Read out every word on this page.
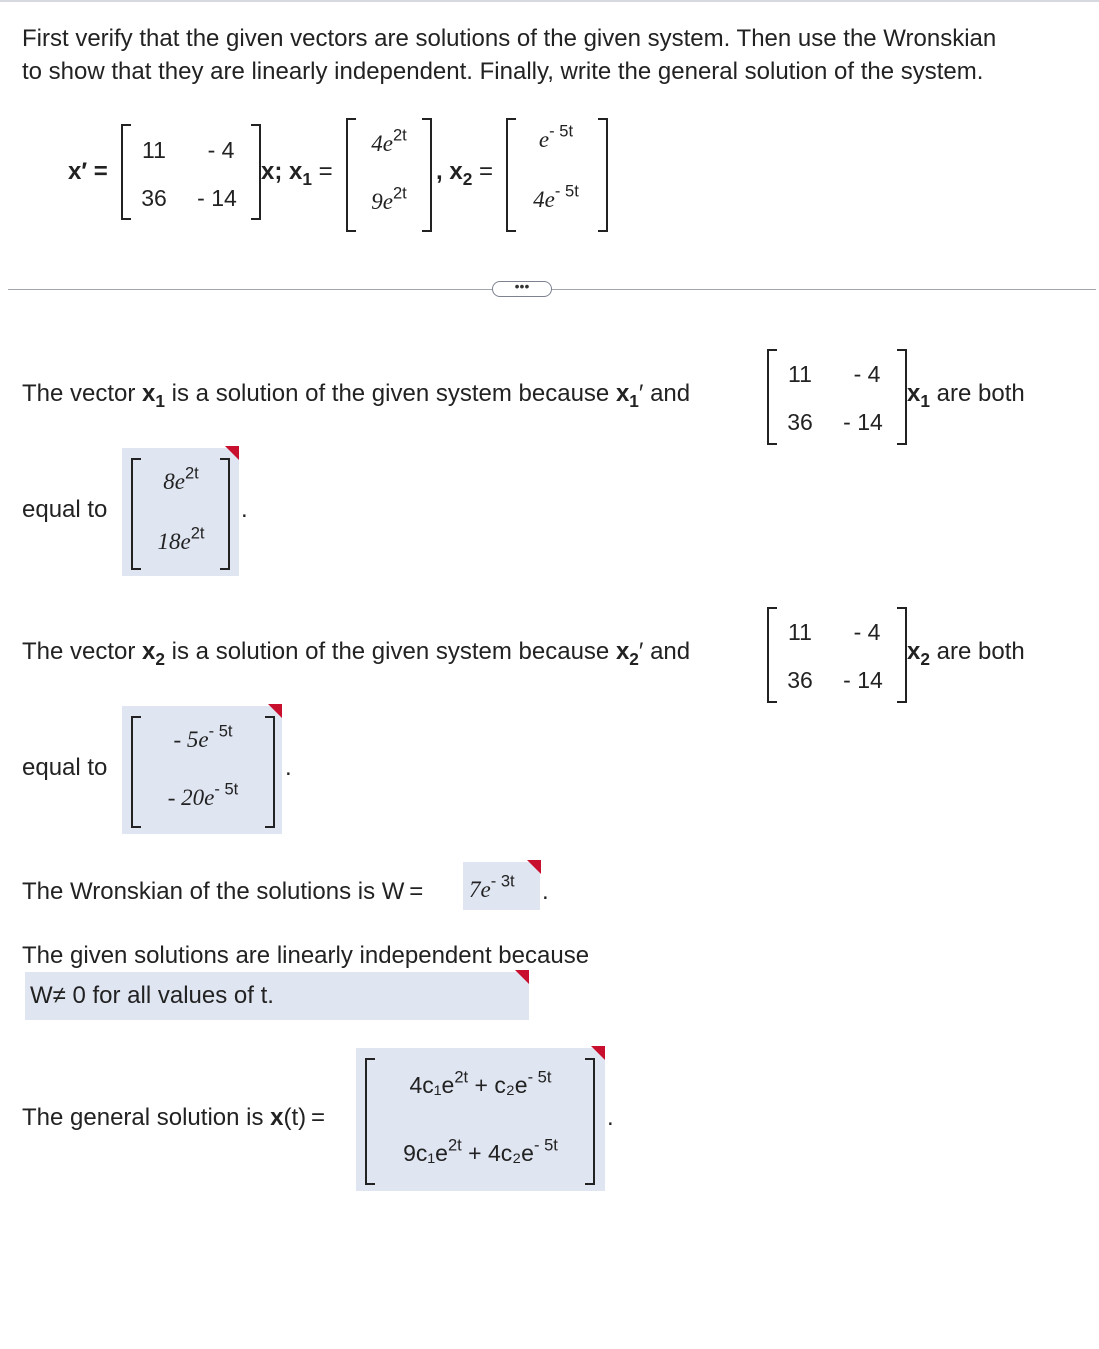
First verify that the given vectors are solutions of the given system. Then use the Wronskian

to show that they are linearly independent. Finally, write the general solution of the system.

x′ =
11	- 4
36	- 14
x; $x_1$ =
$4e^{2t}$
$9e^{2t}$
, $x_2$ =
$e^{- 5t}$
$4e^{- 5t}$
•••
The vector $x_1$ is a solution of the given system because $x_1'$ and
11	- 4
36	- 14
$x_1$ are both
equal to
$8e^{2t}$
$18e^{2t}$
.
The vector $x_2$ is a solution of the given system because $x_2'$ and
11	- 4
36	- 14
$x_2$ are both
equal to
- $5e^{- 5t}$
- $20e^{- 5t}$
.
The Wronskian of the solutions is $W = 7e^{- 3t}$ .
The given solutions are linearly independent because
W≠ 0 for all values of t.
The general solution is x(t) =
$4c_1e^{2t} + c_2e^{- 5t}$
$9c_1e^{2t} + 4c_2e^{- 5t}$
.
